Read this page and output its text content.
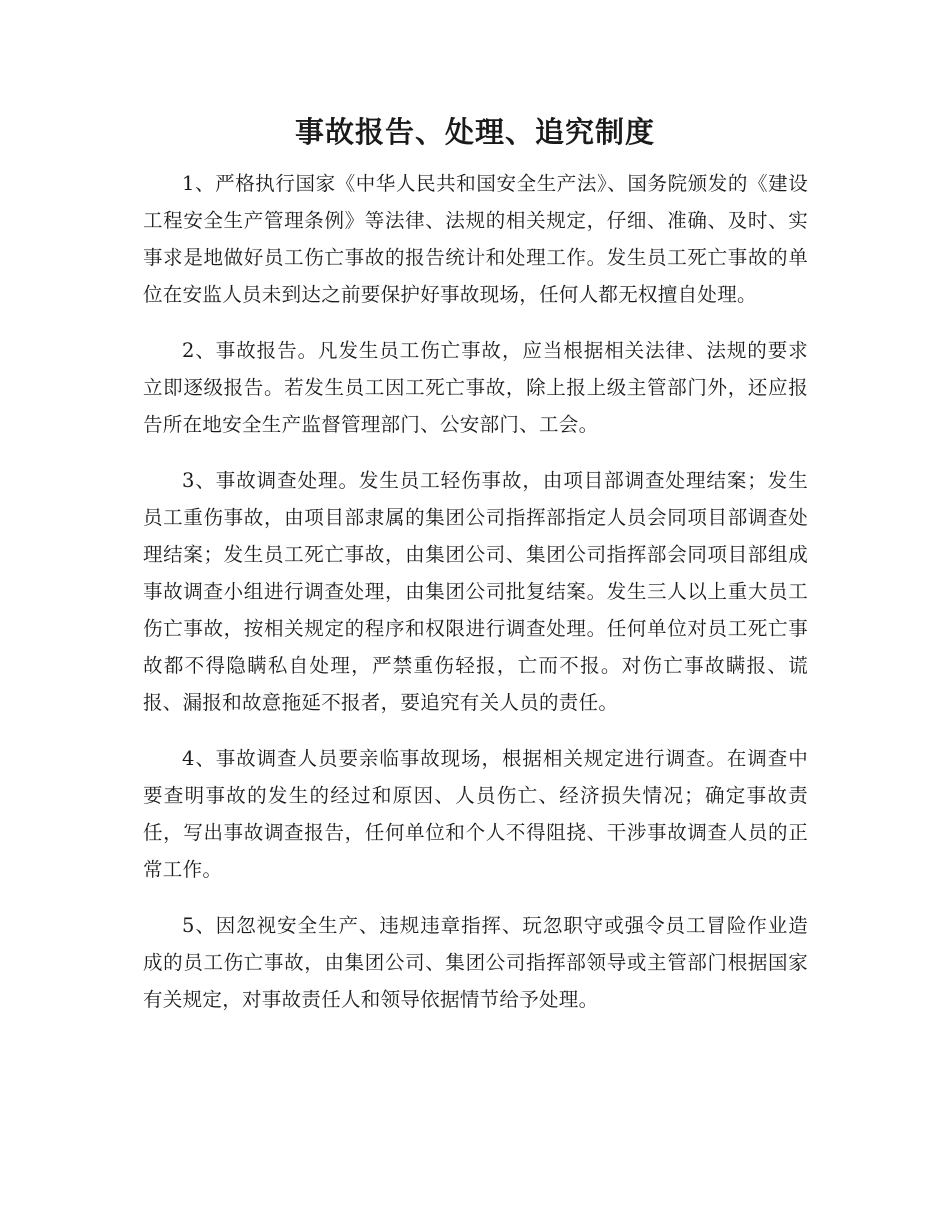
事故报告、处理、追究制度

1、严格执行国家《中华人民共和国安全生产法》、国务院颁发的《建设工程安全生产管理条例》等法律、法规的相关规定，仔细、准确、及时、实事求是地做好员工伤亡事故的报告统计和处理工作。发生员工死亡事故的单位在安监人员未到达之前要保护好事故现场，任何人都无权擅自处理。

2、事故报告。凡发生员工伤亡事故，应当根据相关法律、法规的要求立即逐级报告。若发生员工因工死亡事故，除上报上级主管部门外，还应报告所在地安全生产监督管理部门、公安部门、工会。

3、事故调查处理。发生员工轻伤事故，由项目部调查处理结案；发生员工重伤事故，由项目部隶属的集团公司指挥部指定人员会同项目部调查处理结案；发生员工死亡事故，由集团公司、集团公司指挥部会同项目部组成事故调查小组进行调查处理，由集团公司批复结案。发生三人以上重大员工伤亡事故，按相关规定的程序和权限进行调查处理。任何单位对员工死亡事故都不得隐瞒私自处理，严禁重伤轻报，亡而不报。对伤亡事故瞒报、谎报、漏报和故意拖延不报者，要追究有关人员的责任。

4、事故调查人员要亲临事故现场，根据相关规定进行调查。在调查中要查明事故的发生的经过和原因、人员伤亡、经济损失情况；确定事故责任，写出事故调查报告，任何单位和个人不得阻挠、干涉事故调查人员的正常工作。

5、因忽视安全生产、违规违章指挥、玩忽职守或强令员工冒险作业造成的员工伤亡事故，由集团公司、集团公司指挥部领导或主管部门根据国家有关规定，对事故责任人和领导依据情节给予处理。
